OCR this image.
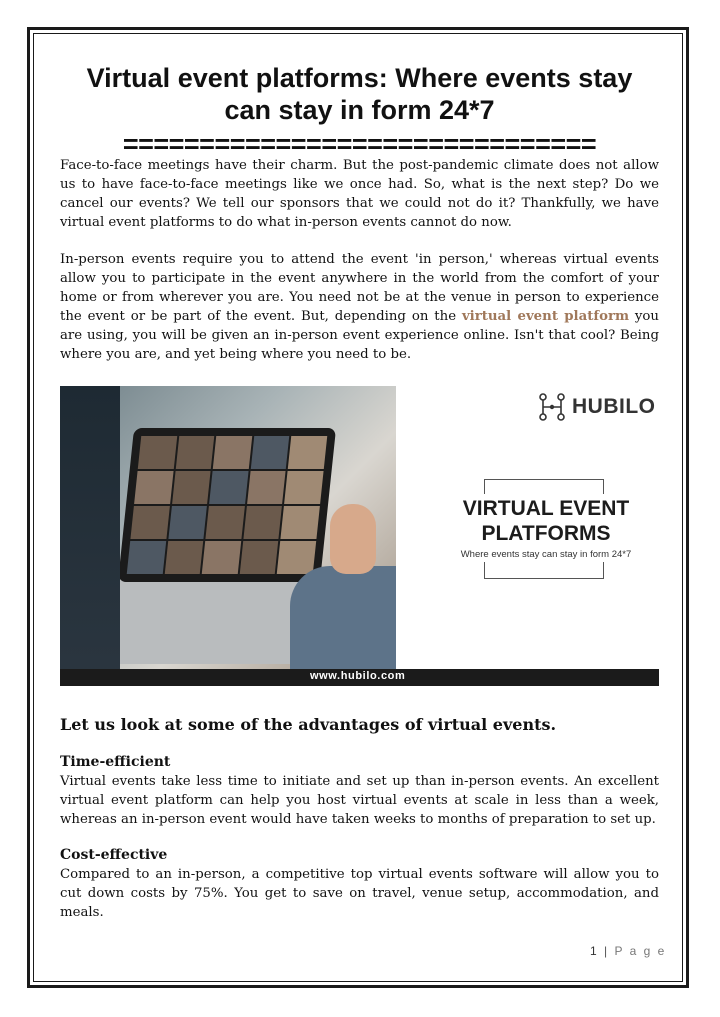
Virtual event platforms: Where events stay can stay in form 24*7
===============================

Face-to-face meetings have their charm. But the post-pandemic climate does not allow us to have face-to-face meetings like we once had. So, what is the next step? Do we cancel our events? We tell our sponsors that we could not do it? Thankfully, we have virtual event platforms to do what in-person events cannot do now.

In-person events require you to attend the event 'in person,' whereas virtual events allow you to participate in the event anywhere in the world from the comfort of your home or from wherever you are. You need not be at the venue in person to experience the event or be part of the event. But, depending on the virtual event platform you are using, you will be given an in-person event experience online. Isn't that cool? Being where you are, and yet being where you need to be.

HUBILO
VIRTUAL EVENT
PLATFORMS
Where events stay can stay in form 24*7
www.hubilo.com
Let us look at some of the advantages of virtual events.
Time-efficient

Virtual events take less time to initiate and set up than in-person events. An excellent virtual event platform can help you host virtual events at scale in less than a week, whereas an in-person event would have taken weeks to months of preparation to set up.

Cost-effective

Compared to an in-person, a competitive top virtual events software will allow you to cut down costs by 75%. You get to save on travel, venue setup, accommodation, and meals.

1 | P a g e
